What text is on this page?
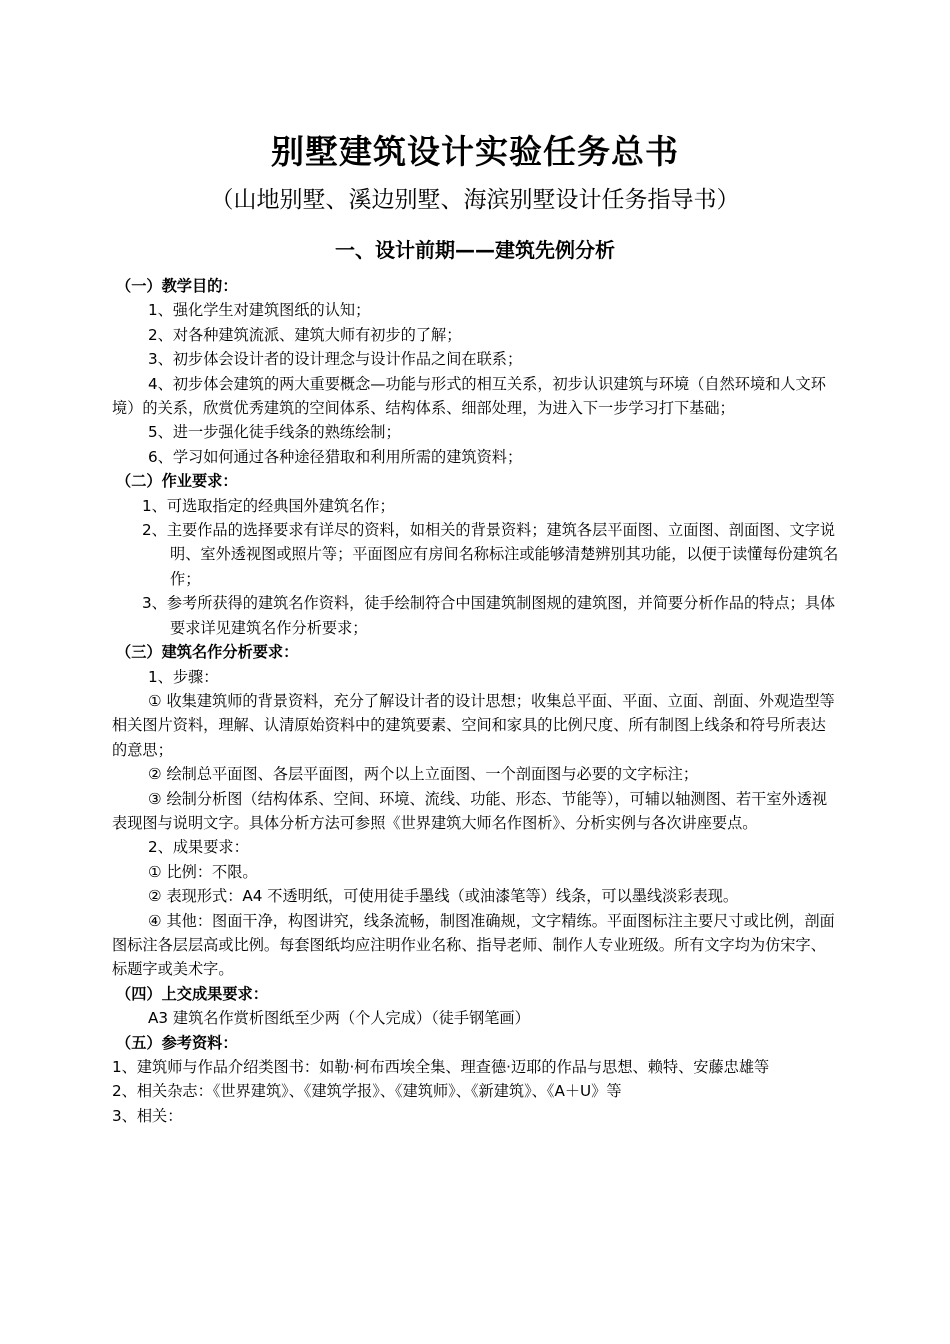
别墅建筑设计实验任务总书
（山地别墅、溪边别墅、海滨别墅设计任务指导书）
一、设计前期——建筑先例分析

（一）教学目的：

1、强化学生对建筑图纸的认知；

2、对各种建筑流派、建筑大师有初步的了解；

3、初步体会设计者的设计理念与设计作品之间在联系；

4、初步体会建筑的两大重要概念—功能与形式的相互关系，初步认识建筑与环境（自然环境和人文环境）的关系，欣赏优秀建筑的空间体系、结构体系、细部处理，为进入下一步学习打下基础；

5、进一步强化徒手线条的熟练绘制；

6、学习如何通过各种途径猎取和利用所需的建筑资料；

（二）作业要求：

1、可选取指定的经典国外建筑名作；

2、主要作品的选择要求有详尽的资料，如相关的背景资料；建筑各层平面图、立面图、剖面图、文字说明、室外透视图或照片等；平面图应有房间名称标注或能够清楚辨别其功能，以便于读懂每份建筑名作；

3、参考所获得的建筑名作资料，徒手绘制符合中国建筑制图规的建筑图，并简要分析作品的特点；具体要求详见建筑名作分析要求；

（三）建筑名作分析要求：

1、步骤：

① 收集建筑师的背景资料，充分了解设计者的设计思想；收集总平面、平面、立面、剖面、外观造型等相关图片资料，理解、认清原始资料中的建筑要素、空间和家具的比例尺度、所有制图上线条和符号所表达的意思；

② 绘制总平面图、各层平面图，两个以上立面图、一个剖面图与必要的文字标注；

③ 绘制分析图（结构体系、空间、环境、流线、功能、形态、节能等），可辅以轴测图、若干室外透视表现图与说明文字。具体分析方法可参照《世界建筑大师名作图析》、分析实例与各次讲座要点。

2、成果要求：

① 比例：不限。

② 表现形式：A4 不透明纸，可使用徒手墨线（或油漆笔等）线条，可以墨线淡彩表现。

④ 其他：图面干净，构图讲究，线条流畅，制图准确规，文字精练。平面图标注主要尺寸或比例，剖面图标注各层层高或比例。每套图纸均应注明作业名称、指导老师、制作人专业班级。所有文字均为仿宋字、标题字或美术字。

（四）上交成果要求：

A3 建筑名作赏析图纸至少两（个人完成）（徒手钢笔画）

（五）参考资料：

1、建筑师与作品介绍类图书：如勒·柯布西埃全集、理查德·迈耶的作品与思想、赖特、安藤忠雄等

2、相关杂志：《世界建筑》、《建筑学报》、《建筑师》、《新建筑》、《A＋U》等

3、相关：
